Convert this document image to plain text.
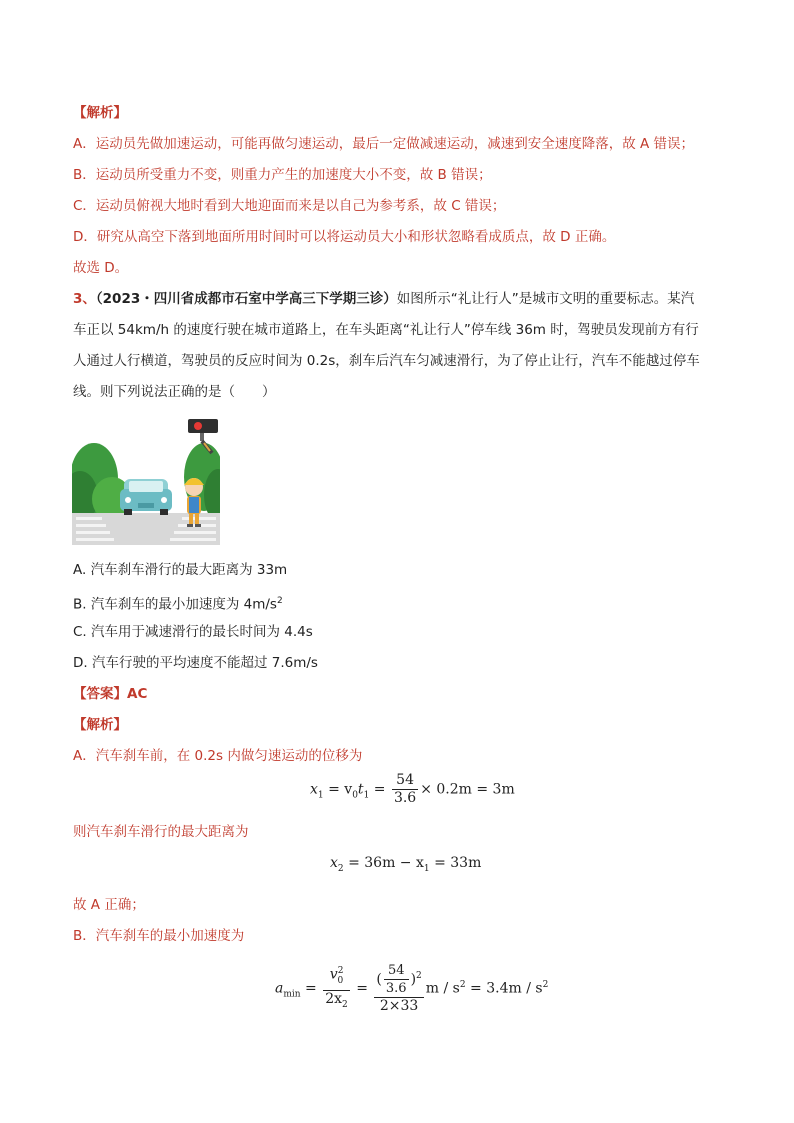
【解析】
A．运动员先做加速运动，可能再做匀速运动，最后一定做减速运动，减速到安全速度降落，故 A 错误；
B．运动员所受重力不变，则重力产生的加速度大小不变，故 B 错误；
C．运动员俯视大地时看到大地迎面而来是以自己为参考系，故 C 错误；
D．研究从高空下落到地面所用时间时可以将运动员大小和形状忽略看成质点，故 D 正确。
故选 D。
3、（2023・四川省成都市石室中学高三下学期三诊）如图所示“礼让行人”是城市文明的重要标志。某汽
车正以 54km/h 的速度行驶在城市道路上，在车头距离“礼让行人”停车线 36m 时，驾驶员发现前方有行
人通过人行横道，驾驶员的反应时间为 0.2s，刹车后汽车匀减速滑行，为了停止让行，汽车不能越过停车
线。则下列说法正确的是（　　）
A. 汽车刹车滑行的最大距离为 33m
B. 汽车刹车的最小加速度为 $4m/s^2$
C. 汽车用于减速滑行的最长时间为 4.4s
D. 汽车行驶的平均速度不能超过 7.6m/s
【答案】AC
【解析】
A．汽车刹车前，在 0.2s 内做匀速运动的位移为
$x_1 = v_0t_1 = \frac{54}{3.6} \times 0.2m = 3m$
则汽车刹车滑行的最大距离为
$x_2 = 36m - x_1 = 33m$
故 A 正确；
B．汽车刹车的最小加速度为
$a_{min} = \frac{v^2_0}{2x_2} = \frac{( \frac{54}{3.6} )^2}{2\times 33}$ $m / s^2 = 3.4m / s^2$
